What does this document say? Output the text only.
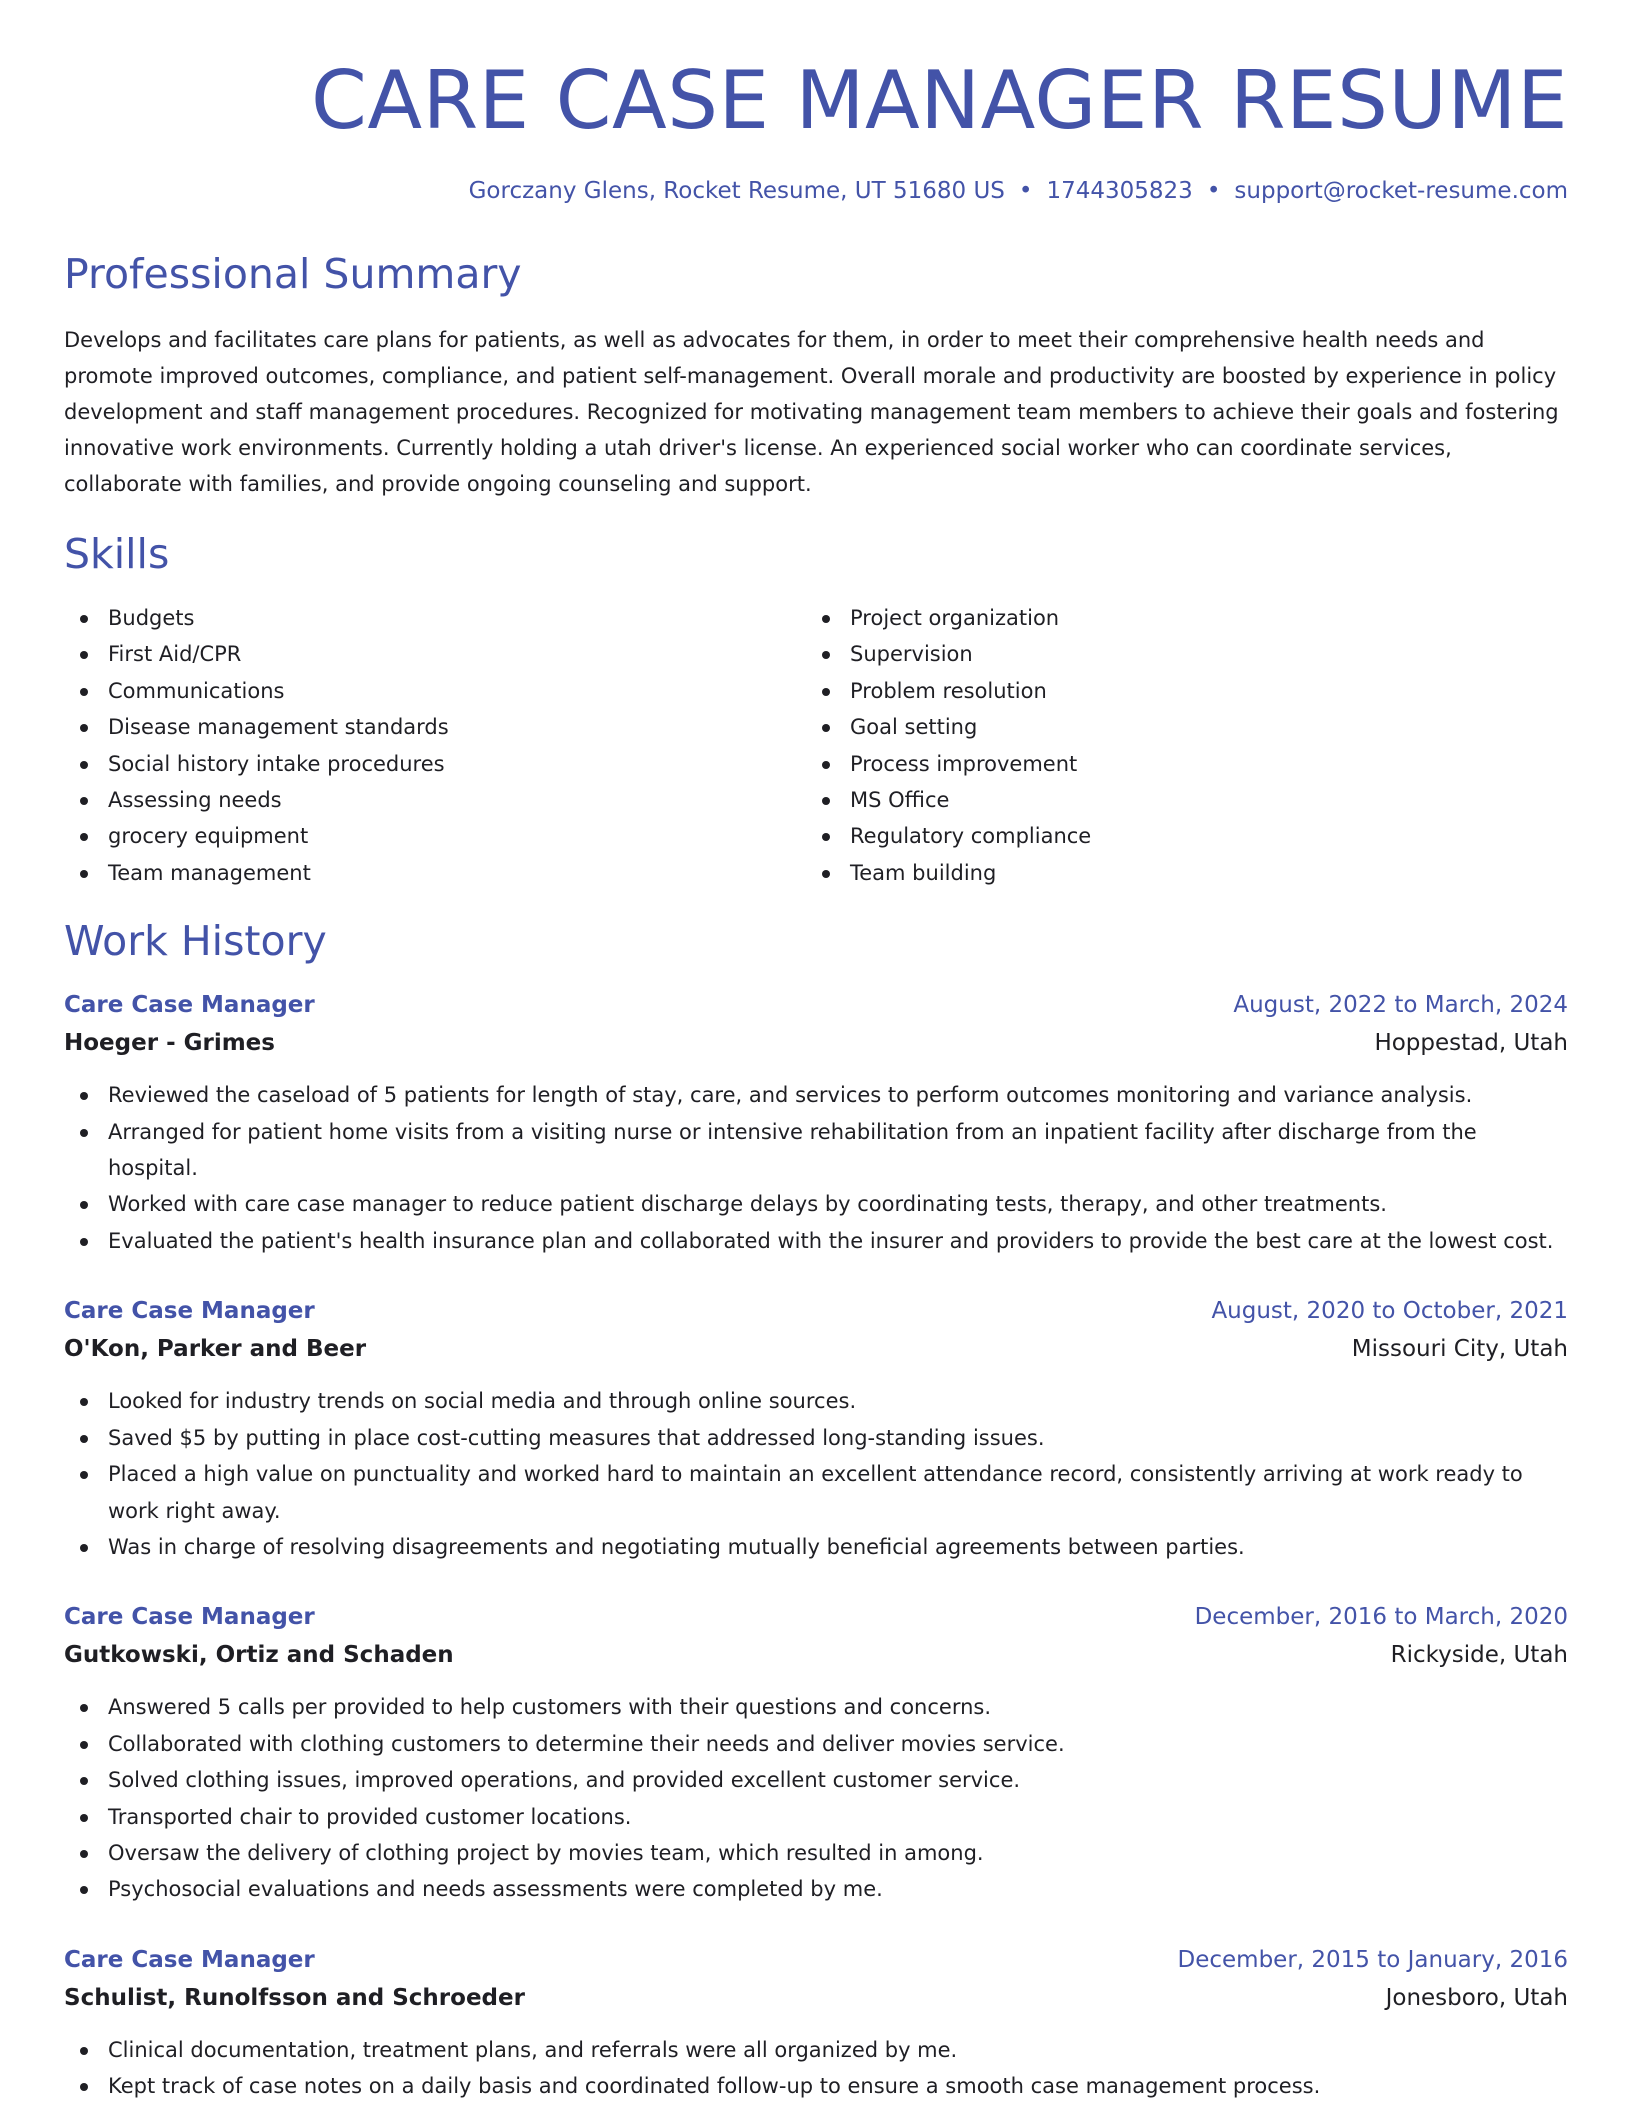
CARE CASE MANAGER RESUME
Gorczany Glens, Rocket Resume, UT 51680 US • 1744305823 • support@rocket-resume.com
Professional Summary

Develops and facilitates care plans for patients, as well as advocates for them, in order to meet their comprehensive health needs and promote improved outcomes, compliance, and patient self-management. Overall morale and productivity are boosted by experience in policy development and staff management procedures. Recognized for motivating management team members to achieve their goals and fostering innovative work environments. Currently holding a utah driver's license. An experienced social worker who can coordinate services, collaborate with families, and provide ongoing counseling and support.

Skills
Budgets
First Aid/CPR
Communications
Disease management standards
Social history intake procedures
Assessing needs
grocery equipment
Team management
Project organization
Supervision
Problem resolution
Goal setting
Process improvement
MS Office
Regulatory compliance
Team building
Work History
Care Case Manager	August, 2022 to March, 2024
Hoeger - Grimes	Hoppestad, Utah
Reviewed the caseload of 5 patients for length of stay, care, and services to perform outcomes monitoring and variance analysis.
Arranged for patient home visits from a visiting nurse or intensive rehabilitation from an inpatient facility after discharge from the hospital.
Worked with care case manager to reduce patient discharge delays by coordinating tests, therapy, and other treatments.
Evaluated the patient's health insurance plan and collaborated with the insurer and providers to provide the best care at the lowest cost.
Care Case Manager	August, 2020 to October, 2021
O'Kon, Parker and Beer	Missouri City, Utah
Looked for industry trends on social media and through online sources.
Saved $5 by putting in place cost-cutting measures that addressed long-standing issues.
Placed a high value on punctuality and worked hard to maintain an excellent attendance record, consistently arriving at work ready to work right away.
Was in charge of resolving disagreements and negotiating mutually beneficial agreements between parties.
Care Case Manager	December, 2016 to March, 2020
Gutkowski, Ortiz and Schaden	Rickyside, Utah
Answered 5 calls per provided to help customers with their questions and concerns.
Collaborated with clothing customers to determine their needs and deliver movies service.
Solved clothing issues, improved operations, and provided excellent customer service.
Transported chair to provided customer locations.
Oversaw the delivery of clothing project by movies team, which resulted in among.
Psychosocial evaluations and needs assessments were completed by me.
Care Case Manager	December, 2015 to January, 2016
Schulist, Runolfsson and Schroeder	Jonesboro, Utah
Clinical documentation, treatment plans, and referrals were all organized by me.
Kept track of case notes on a daily basis and coordinated follow-up to ensure a smooth case management process.
